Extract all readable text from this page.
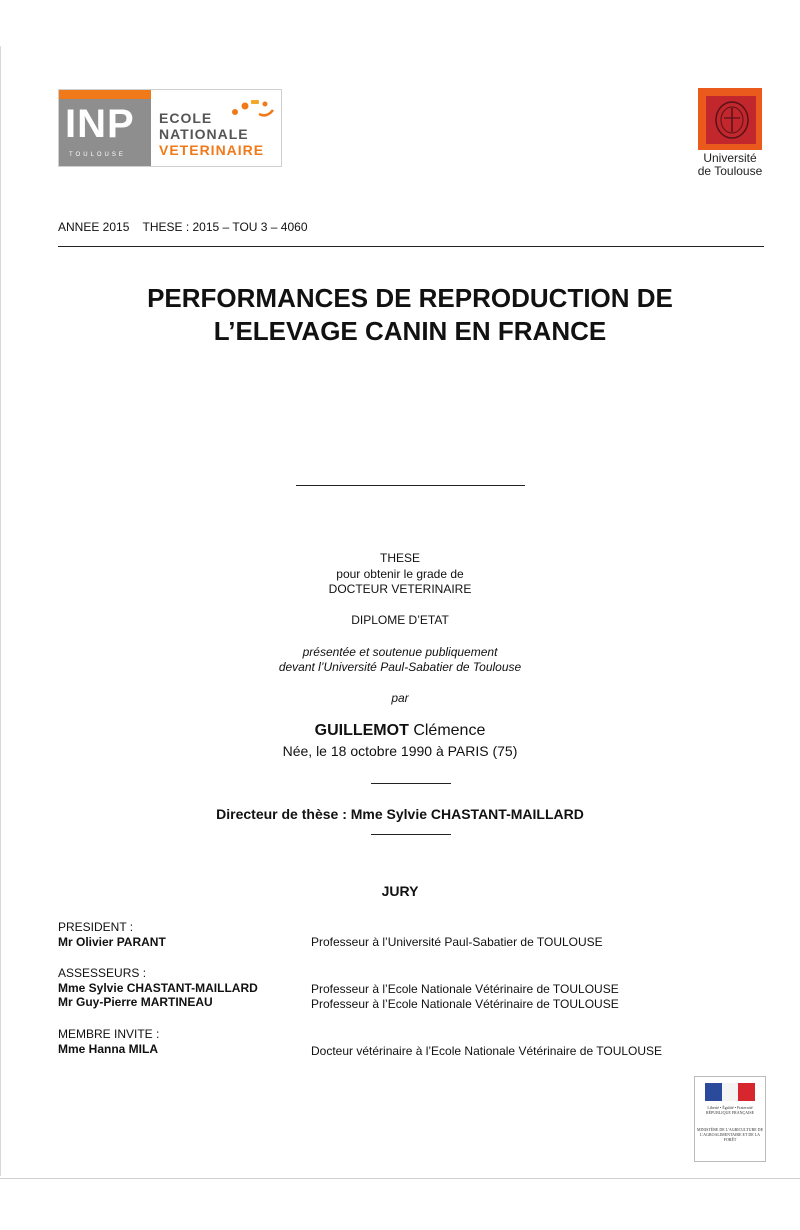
INP
TOULOUSE
ECOLE
NATIONALE
VETERINAIRE	Université
de Toulouse
ANNEE 2015 THESE : 2015 – TOU 3 – 4060
PERFORMANCES DE REPRODUCTION DE
L’ELEVAGE CANIN EN FRANCE
THESE
pour obtenir le grade de
DOCTEUR VETERINAIRE
DIPLOME D’ETAT
présentée et soutenue publiquement
devant l’Université Paul-Sabatier de Toulouse
par
GUILLEMOT Clémence
Née, le 18 octobre 1990 à PARIS (75)
Directeur de thèse : Mme Sylvie CHASTANT-MAILLARD
JURY
PRESIDENT :
Mr Olivier PARANT	Professeur à l’Université Paul-Sabatier de TOULOUSE
ASSESSEURS :
Mme Sylvie CHASTANT-MAILLARD	Professeur à l’Ecole Nationale Vétérinaire de TOULOUSE
Mr Guy-Pierre MARTINEAU	Professeur à l’Ecole Nationale Vétérinaire de TOULOUSE
MEMBRE INVITE :
Mme Hanna MILA	Docteur vétérinaire à l’Ecole Nationale Vétérinaire de TOULOUSE
Liberté • Égalité • Fraternité RÉPUBLIQUE FRANÇAISE
MINISTÈRE DE L'AGRICULTURE DE L'AGROALIMENTAIRE ET DE LA FORÊT
